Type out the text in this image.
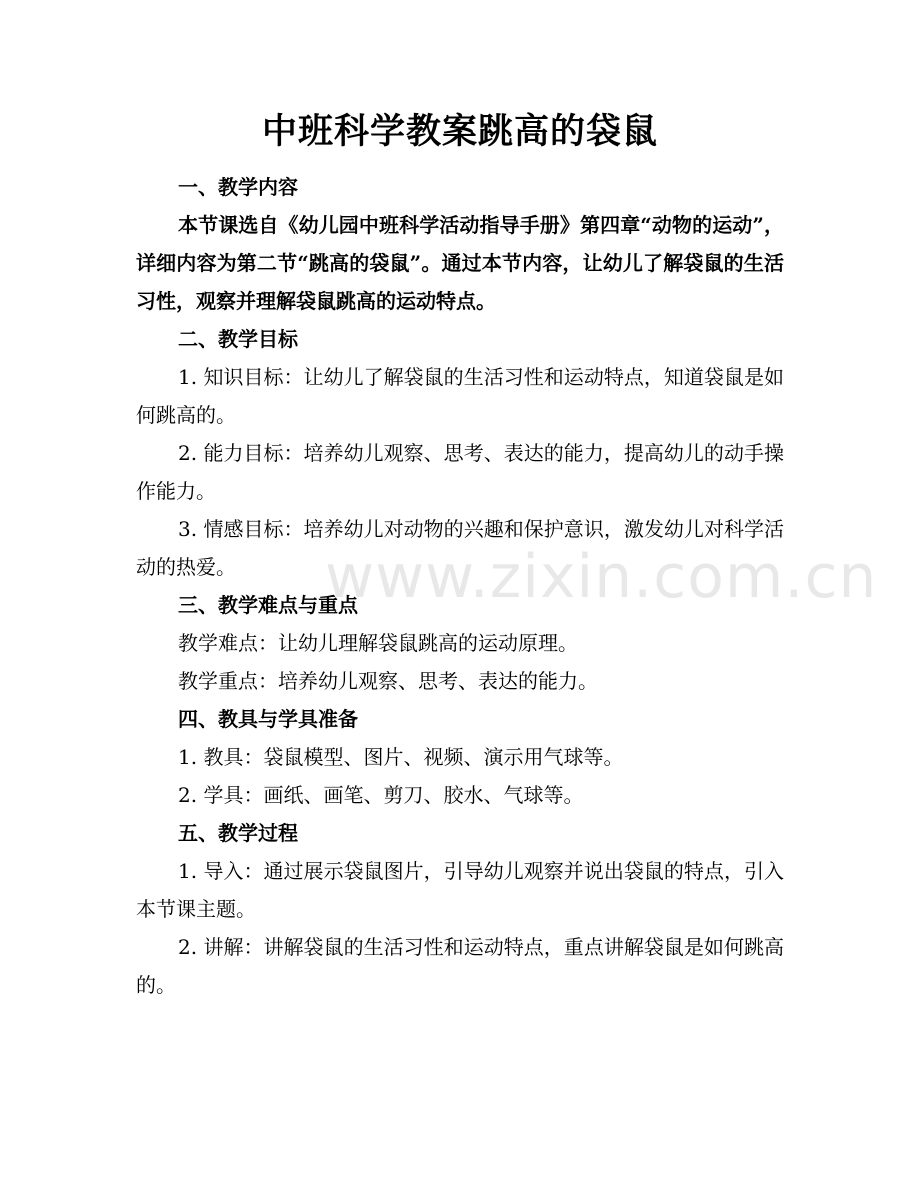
中班科学教案跳高的袋鼠

一、教学内容

本节课选自《幼儿园中班科学活动指导手册》第四章“动物的运动”，详细内容为第二节“跳高的袋鼠”。通过本节内容，让幼儿了解袋鼠的生活习性，观察并理解袋鼠跳高的运动特点。

二、教学目标

1. 知识目标：让幼儿了解袋鼠的生活习性和运动特点，知道袋鼠是如何跳高的。

2. 能力目标：培养幼儿观察、思考、表达的能力，提高幼儿的动手操作能力。

3. 情感目标：培养幼儿对动物的兴趣和保护意识，激发幼儿对科学活动的热爱。

三、教学难点与重点

教学难点：让幼儿理解袋鼠跳高的运动原理。

教学重点：培养幼儿观察、思考、表达的能力。

四、教具与学具准备

1. 教具：袋鼠模型、图片、视频、演示用气球等。

2. 学具：画纸、画笔、剪刀、胶水、气球等。

五、教学过程

1. 导入：通过展示袋鼠图片，引导幼儿观察并说出袋鼠的特点，引入本节课主题。

2. 讲解：讲解袋鼠的生活习性和运动特点，重点讲解袋鼠是如何跳高的。

www.zixin.com.cn
